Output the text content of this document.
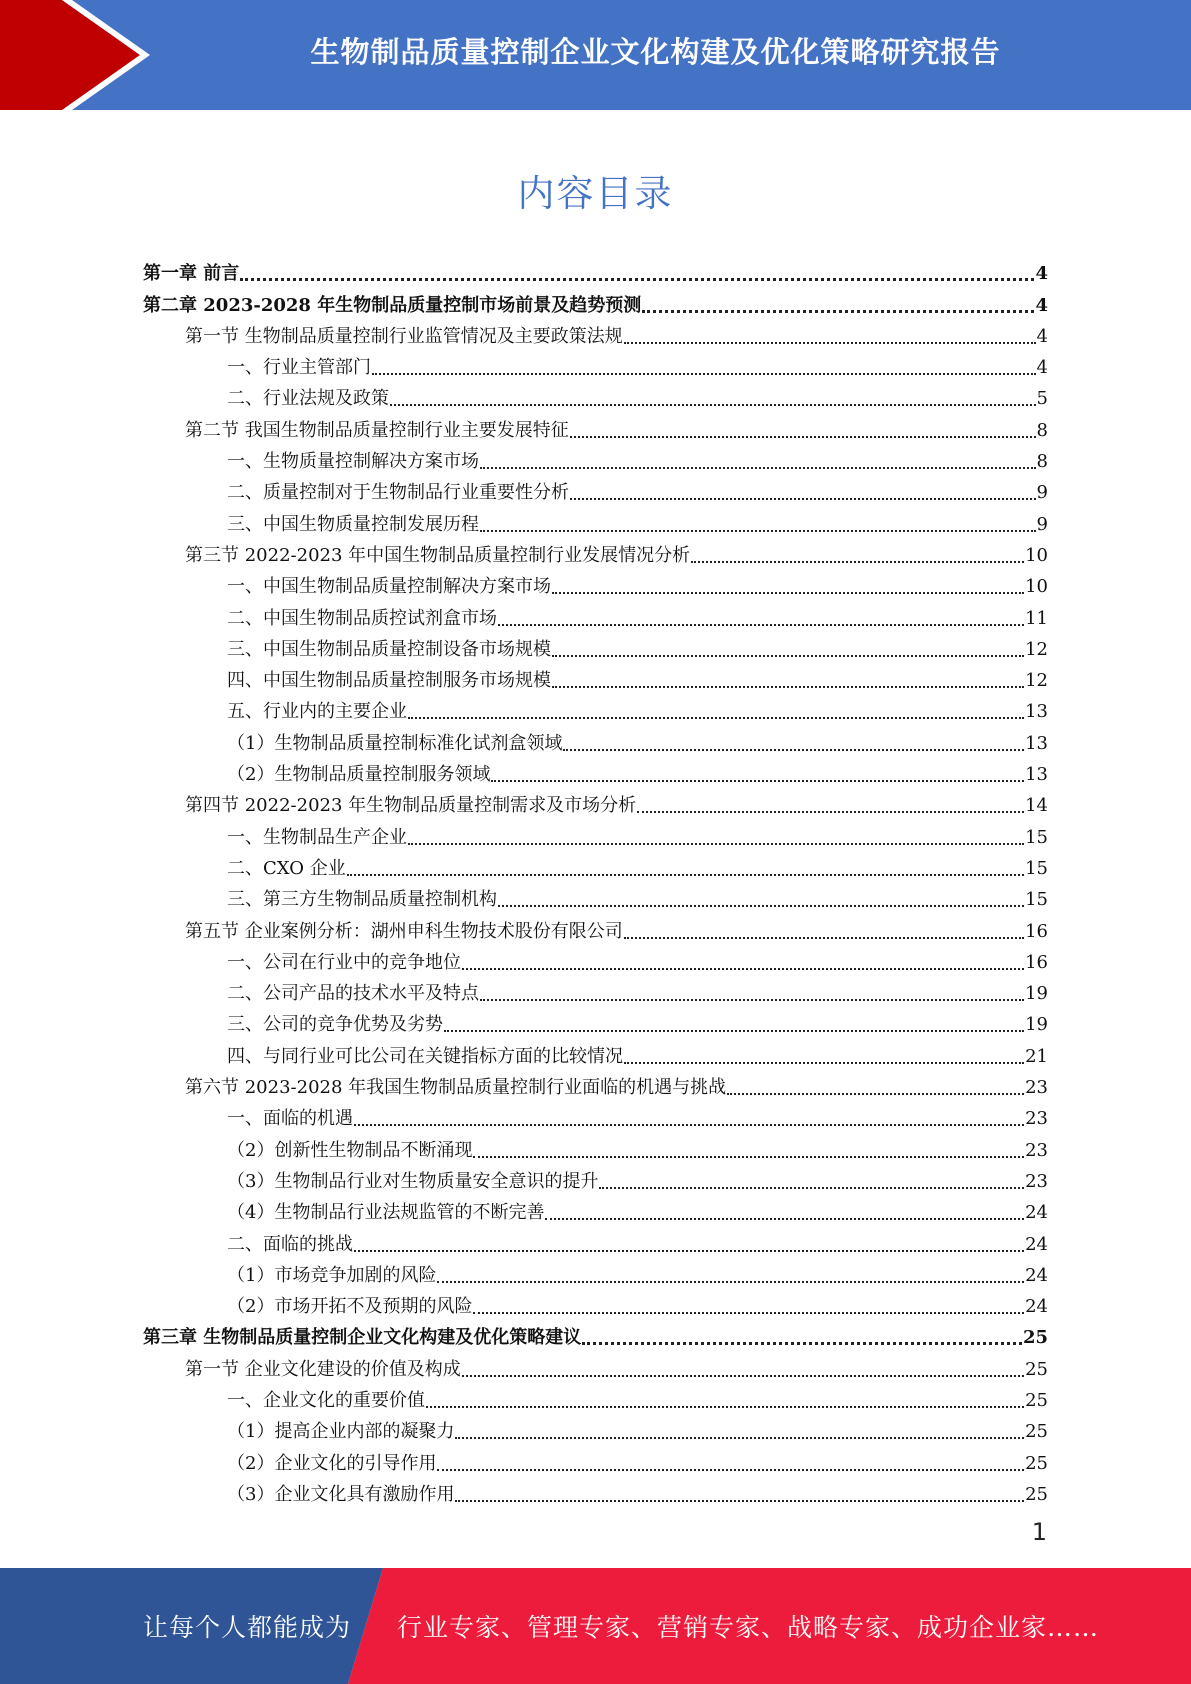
生物制品质量控制企业文化构建及优化策略研究报告
内容目录
第一章 前言	4
第二章 2023-2028 年生物制品质量控制市场前景及趋势预测	4
第一节 生物制品质量控制行业监管情况及主要政策法规	4
一、行业主管部门	4
二、行业法规及政策	5
第二节 我国生物制品质量控制行业主要发展特征	8
一、生物质量控制解决方案市场	8
二、质量控制对于生物制品行业重要性分析	9
三、中国生物质量控制发展历程	9
第三节 2022-2023 年中国生物制品质量控制行业发展情况分析	10
一、中国生物制品质量控制解决方案市场	10
二、中国生物制品质控试剂盒市场	11
三、中国生物制品质量控制设备市场规模	12
四、中国生物制品质量控制服务市场规模	12
五、行业内的主要企业	13
（1）生物制品质量控制标准化试剂盒领域	13
（2）生物制品质量控制服务领域	13
第四节 2022-2023 年生物制品质量控制需求及市场分析	14
一、生物制品生产企业	15
二、CXO 企业	15
三、第三方生物制品质量控制机构	15
第五节 企业案例分析：湖州申科生物技术股份有限公司	16
一、公司在行业中的竞争地位	16
二、公司产品的技术水平及特点	19
三、公司的竞争优势及劣势	19
四、与同行业可比公司在关键指标方面的比较情况	21
第六节 2023-2028 年我国生物制品质量控制行业面临的机遇与挑战	23
一、面临的机遇	23
（2）创新性生物制品不断涌现	23
（3）生物制品行业对生物质量安全意识的提升	23
（4）生物制品行业法规监管的不断完善	24
二、面临的挑战	24
（1）市场竞争加剧的风险	24
（2）市场开拓不及预期的风险	24
第三章 生物制品质量控制企业文化构建及优化策略建议	25
第一节 企业文化建设的价值及构成	25
一、企业文化的重要价值	25
（1）提高企业内部的凝聚力	25
（2）企业文化的引导作用	25
（3）企业文化具有激励作用	25
1
让每个人都能成为 行业专家、管理专家、营销专家、战略专家、成功企业家……
